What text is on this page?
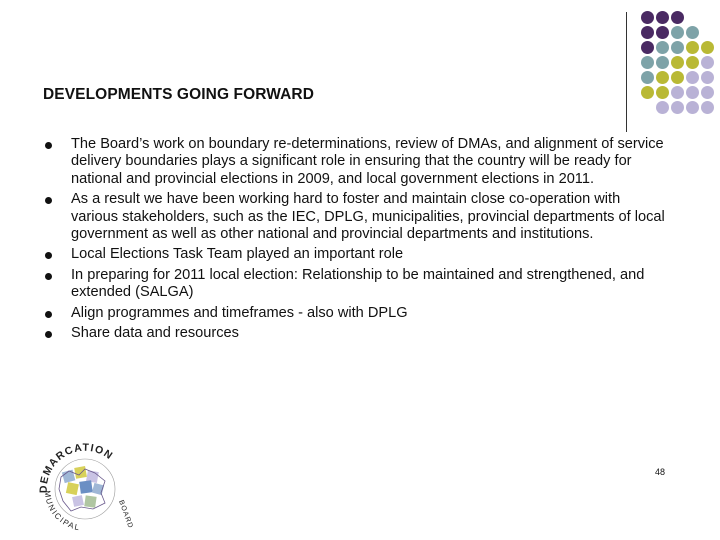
DEVELOPMENTS GOING FORWARD
The Board’s work on boundary re-determinations, review of DMAs, and alignment of service delivery boundaries plays a significant role in ensuring that the country will be ready for national and provincial elections in 2009, and local government elections in 2011.
As a result we have been working hard to foster and maintain close co-operation with various stakeholders, such as the IEC, DPLG, municipalities, provincial departments of local government as well as other national and provincial departments and institutions.
Local Elections Task Team played an important role
In preparing for 2011 local election: Relationship to be maintained and strengthened, and extended (SALGA)
Align programmes and timeframes - also with DPLG
Share data and resources
DEMARCATION
BOARD
MUNICIPAL
48
